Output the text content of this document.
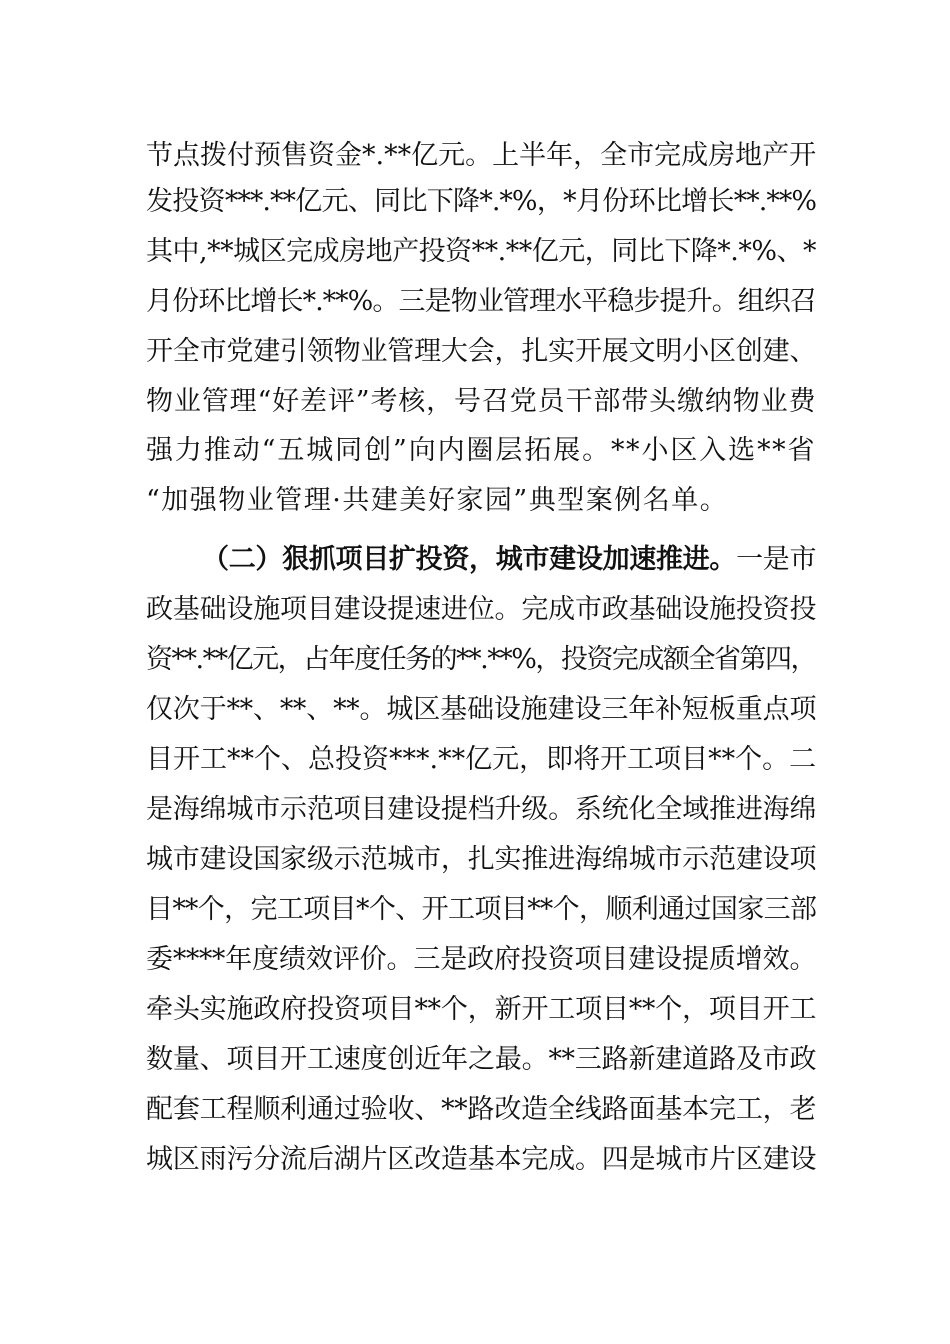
节点拨付预售资金*.**亿元。上半年，全市完成房地产开
发投资***.**亿元、同比下降*.*%，*月份环比增长**.**%
其中,**城区完成房地产投资**.**亿元，同比下降*.*%、*
月份环比增长*.**%。三是物业管理水平稳步提升。组织召
开全市党建引领物业管理大会，扎实开展文明小区创建、
物业管理“好差评”考核，号召党员干部带头缴纳物业费
强力推动“五城同创”向内圈层拓展。**小区入选**省
“加强物业管理·共建美好家园”典型案例名单。
（二）狠抓项目扩投资，城市建设加速推进。一是市
政基础设施项目建设提速进位。完成市政基础设施投资投
资**.**亿元，占年度任务的**.**%，投资完成额全省第四，
仅次于**、**、**。城区基础设施建设三年补短板重点项
目开工**个、总投资***.**亿元，即将开工项目**个。二
是海绵城市示范项目建设提档升级。系统化全域推进海绵
城市建设国家级示范城市，扎实推进海绵城市示范建设项
目**个，完工项目*个、开工项目**个，顺利通过国家三部
委****年度绩效评价。三是政府投资项目建设提质增效。
牵头实施政府投资项目**个，新开工项目**个，项目开工
数量、项目开工速度创近年之最。**三路新建道路及市政
配套工程顺利通过验收、**路改造全线路面基本完工，老
城区雨污分流后湖片区改造基本完成。四是城市片区建设
